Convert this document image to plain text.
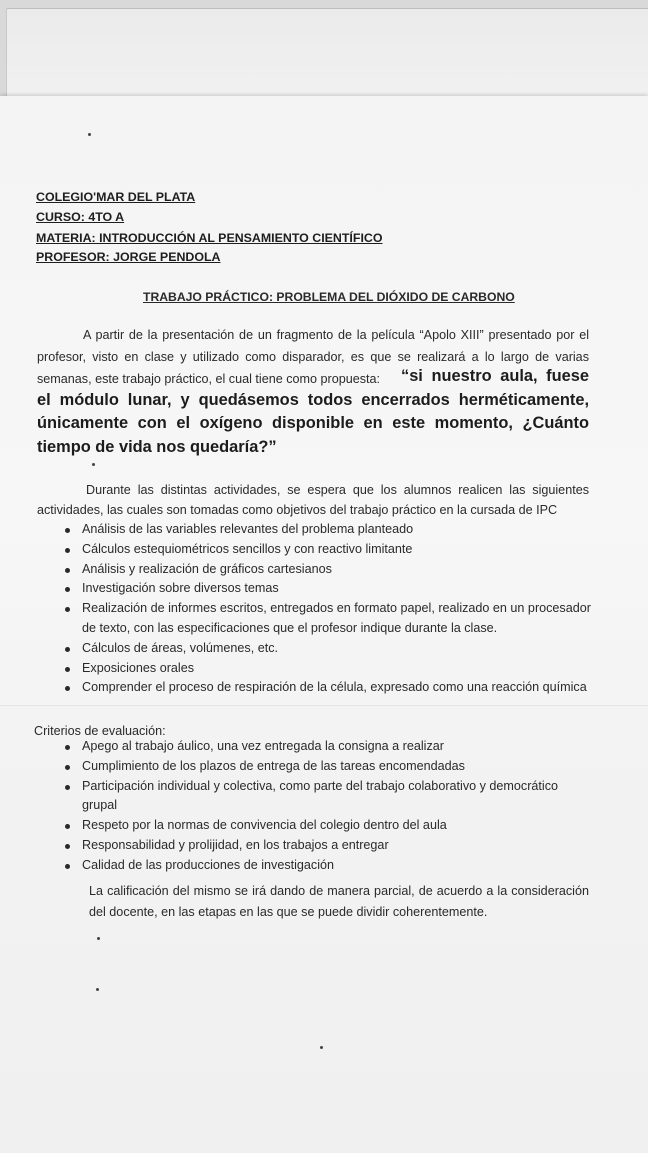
COLEGIO'MAR DEL PLATA
CURSO: 4TO A
MATERIA: INTRODUCCIÓN AL PENSAMIENTO CIENTÍFICO
PROFESOR: JORGE PENDOLA
TRABAJO PRÁCTICO: PROBLEMA DEL DIÓXIDO DE CARBONO
A partir de la presentación de un fragmento de la película “Apolo XIII” presentado por el profesor, visto en clase y utilizado como disparador, es que se realizará a lo largo de varias semanas, este trabajo práctico, el cual tiene como propuesta:	“si nuestro aula, fuese el módulo lunar, y quedásemos todos encerrados herméticamente, únicamente con el oxígeno disponible en este momento, ¿Cuánto tiempo de vida nos quedaría?”
Durante las distintas actividades, se espera que los alumnos realicen las siguientes actividades, las cuales son tomadas como objetivos del trabajo práctico en la cursada de IPC
Análisis de las variables relevantes del problema planteado
Cálculos estequiométricos sencillos y con reactivo limitante
Análisis y realización de gráficos cartesianos
Investigación sobre diversos temas
Realización de informes escritos, entregados en formato papel, realizado en un procesador de texto, con las especificaciones que el profesor indique durante la clase.
Cálculos de áreas, volúmenes, etc.
Exposiciones orales
Comprender el proceso de respiración de la célula, expresado como una reacción química
Criterios de evaluación:
Apego al trabajo áulico, una vez entregada la consigna a realizar
Cumplimiento de los plazos de entrega de las tareas encomendadas
Participación individual y colectiva, como parte del trabajo colaborativo y democrático grupal
Respeto por la normas de convivencia del colegio dentro del aula
Responsabilidad y prolijidad, en los trabajos a entregar
Calidad de las producciones de investigación
La calificación del mismo se irá dando de manera parcial, de acuerdo a la consideración del docente, en las etapas en las que se puede dividir coherentemente.
